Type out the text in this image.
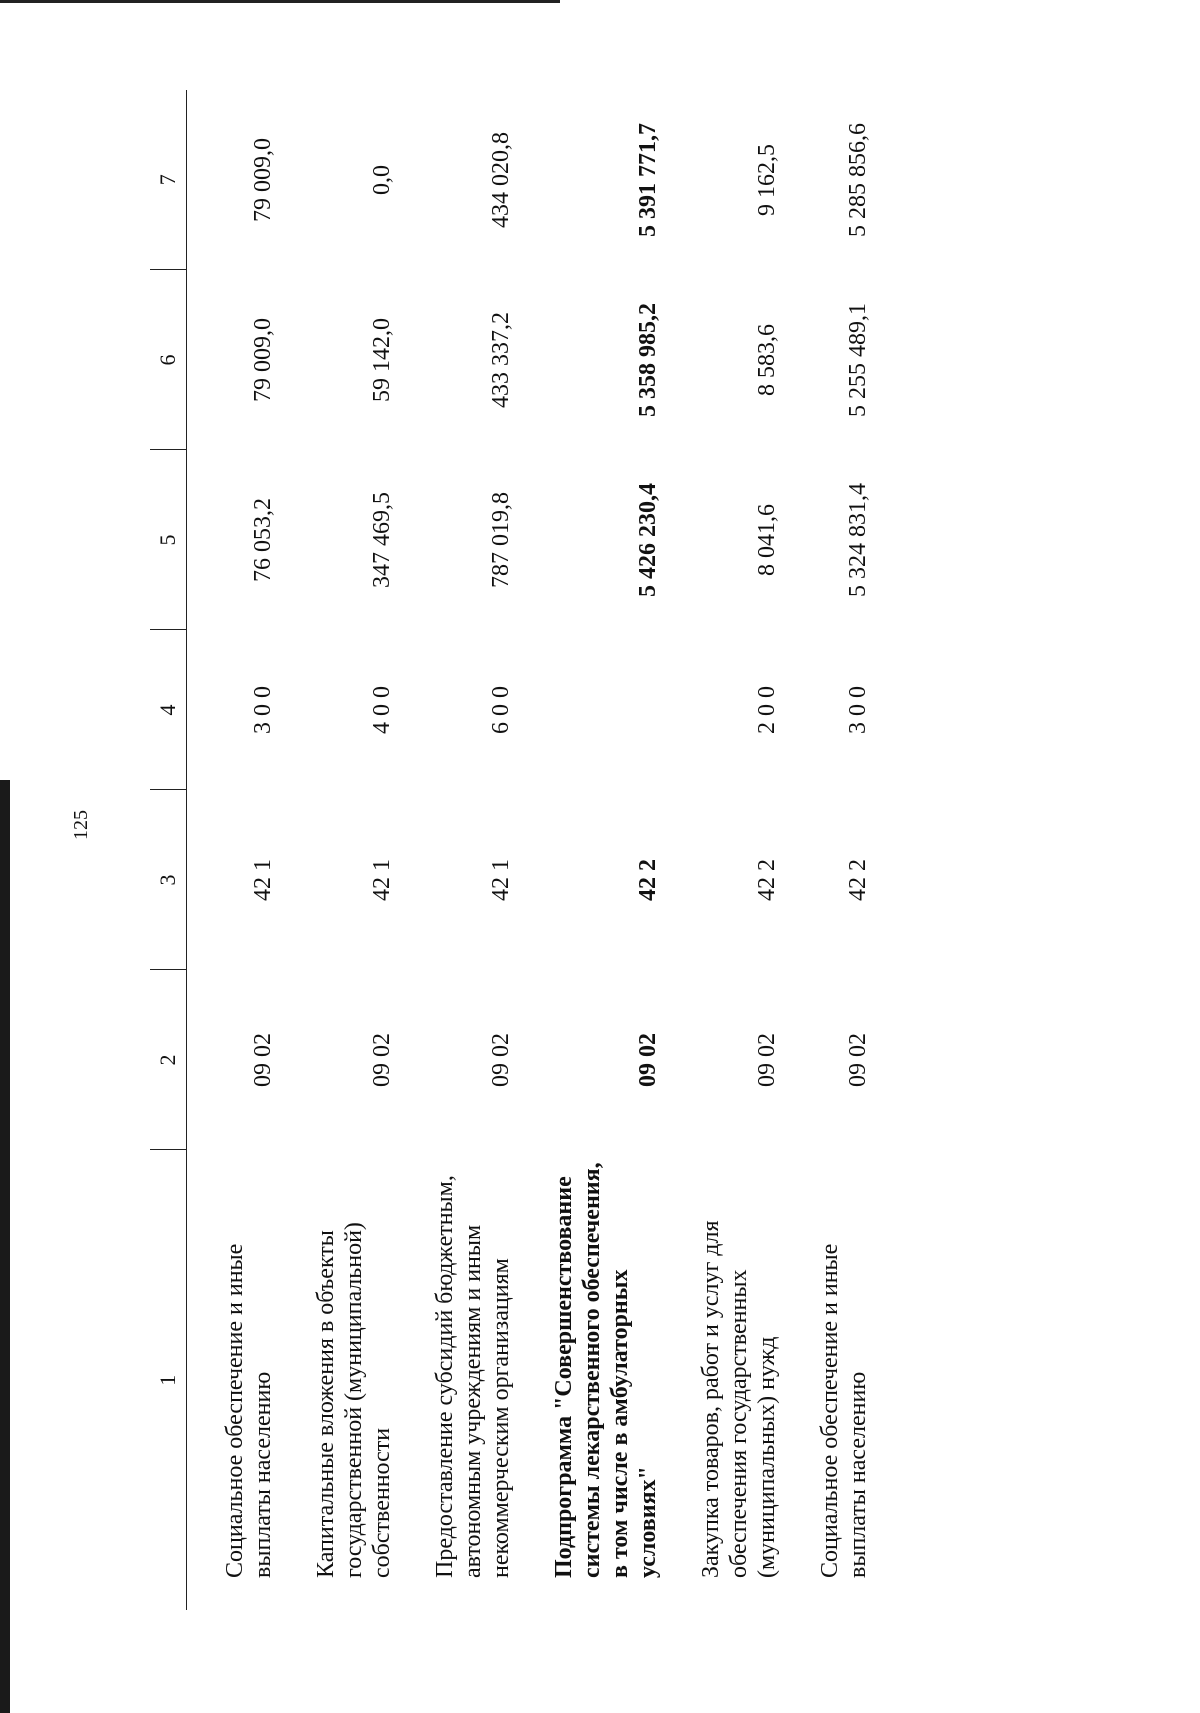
125
1	2	3	4	5	6	7
Социальное обеспечение и иные выплаты населению	09 02	42 1	3 0 0	76 053,2	79 009,0	79 009,0
Капитальные вложения в объекты государственной (муниципальной) собственности	09 02	42 1	4 0 0	347 469,5	59 142,0	0,0
Предоставление субсидий бюджетным, автономным учреждениям и иным некоммерческим организациям	09 02	42 1	6 0 0	787 019,8	433 337,2	434 020,8
Подпрограмма "Совершенствование системы лекарственного обеспечения, в том числе в амбулаторных условиях"	09 02	42 2		5 426 230,4	5 358 985,2	5 391 771,7
Закупка товаров, работ и услуг для обеспечения государственных (муниципальных) нужд	09 02	42 2	2 0 0	8 041,6	8 583,6	9 162,5
Социальное обеспечение и иные выплаты населению	09 02	42 2	3 0 0	5 324 831,4	5 255 489,1	5 285 856,6
